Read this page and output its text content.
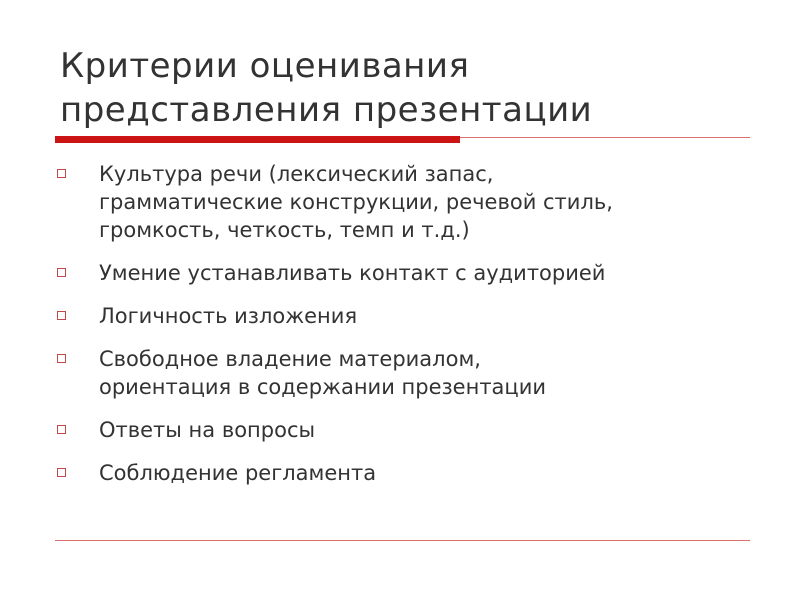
Критерии оценивания
представления презентации
Культура речи (лексический запас,
грамматические конструкции, речевой стиль,
громкость, четкость, темп и т.д.)
Умение устанавливать контакт с аудиторией
Логичность изложения
Свободное владение материалом,
ориентация в содержании презентации
Ответы на вопросы
Соблюдение регламента
